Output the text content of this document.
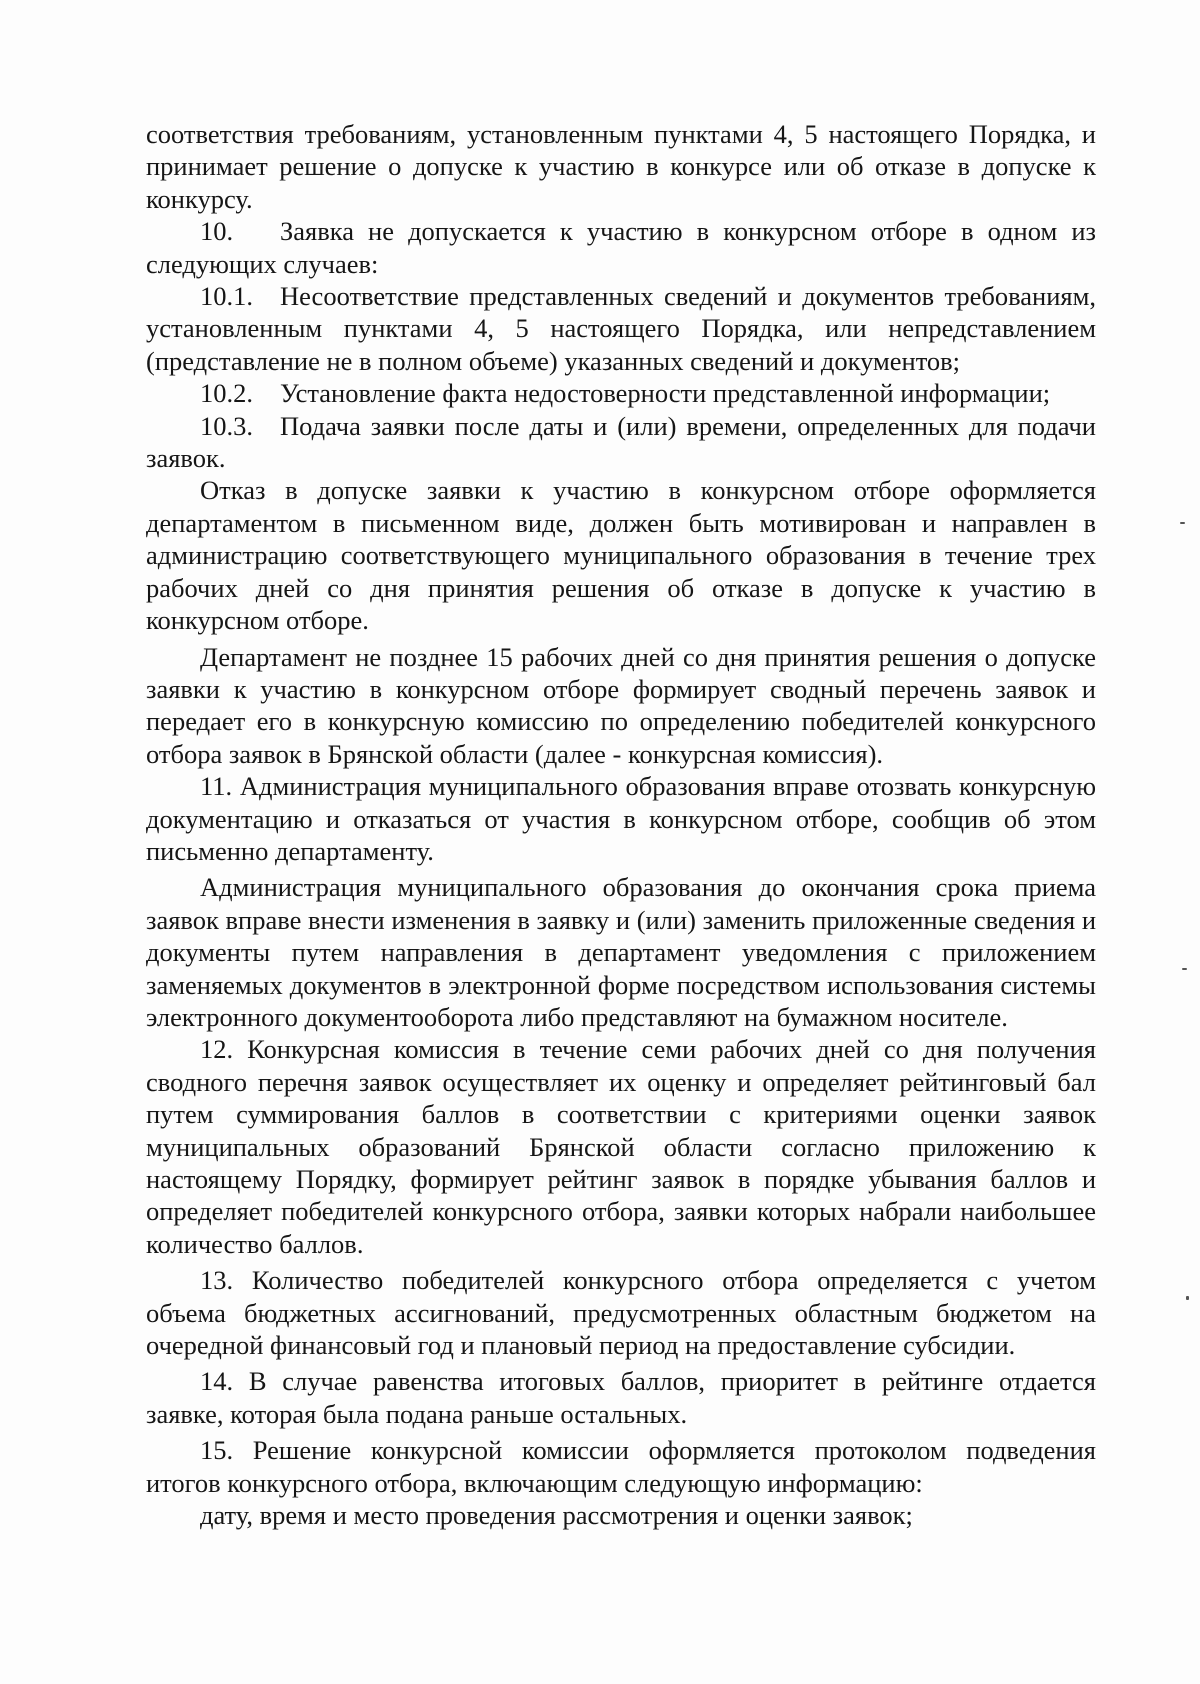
соответствия требованиям, установленным пунктами 4, 5 настоящего Порядка, и принимает решение о допуске к участию в конкурсе или об отказе в допуске к конкурсу.

10. Заявка не допускается к участию в конкурсном отборе в одном из следующих случаев:

10.1. Несоответствие представленных сведений и документов требованиям, установленным пунктами 4, 5 настоящего Порядка, или непредставлением (представление не в полном объеме) указанных сведений и документов;

10.2. Установление факта недостоверности представленной информации;

10.3. Подача заявки после даты и (или) времени, определенных для подачи заявок.

Отказ в допуске заявки к участию в конкурсном отборе оформляется департаментом в письменном виде, должен быть мотивирован и направлен в администрацию соответствующего муниципального образования в течение трех рабочих дней со дня принятия решения об отказе в допуске к участию в конкурсном отборе.

Департамент не позднее 15 рабочих дней со дня принятия решения о допуске заявки к участию в конкурсном отборе формирует сводный перечень заявок и передает его в конкурсную комиссию по определению победителей конкурсного отбора заявок в Брянской области (далее - конкурсная комиссия).

11. Администрация муниципального образования вправе отозвать конкурсную документацию и отказаться от участия в конкурсном отборе, сообщив об этом письменно департаменту.

Администрация муниципального образования до окончания срока приема заявок вправе внести изменения в заявку и (или) заменить приложенные сведения и документы путем направления в департамент уведомления с приложением заменяемых документов в электронной форме посредством использования системы электронного документооборота либо представляют на бумажном носителе.

12. Конкурсная комиссия в течение семи рабочих дней со дня получения сводного перечня заявок осуществляет их оценку и определяет рейтинговый бал путем суммирования баллов в соответствии с критериями оценки заявок муниципальных образований Брянской области согласно приложению к настоящему Порядку, формирует рейтинг заявок в порядке убывания баллов и определяет победителей конкурсного отбора, заявки которых набрали наибольшее количество баллов.

13. Количество победителей конкурсного отбора определяется с учетом объема бюджетных ассигнований, предусмотренных областным бюджетом на очередной финансовый год и плановый период на предоставление субсидии.

14. В случае равенства итоговых баллов, приоритет в рейтинге отдается заявке, которая была подана раньше остальных.

15. Решение конкурсной комиссии оформляется протоколом подведения итогов конкурсного отбора, включающим следующую информацию:

дату, время и место проведения рассмотрения и оценки заявок;
